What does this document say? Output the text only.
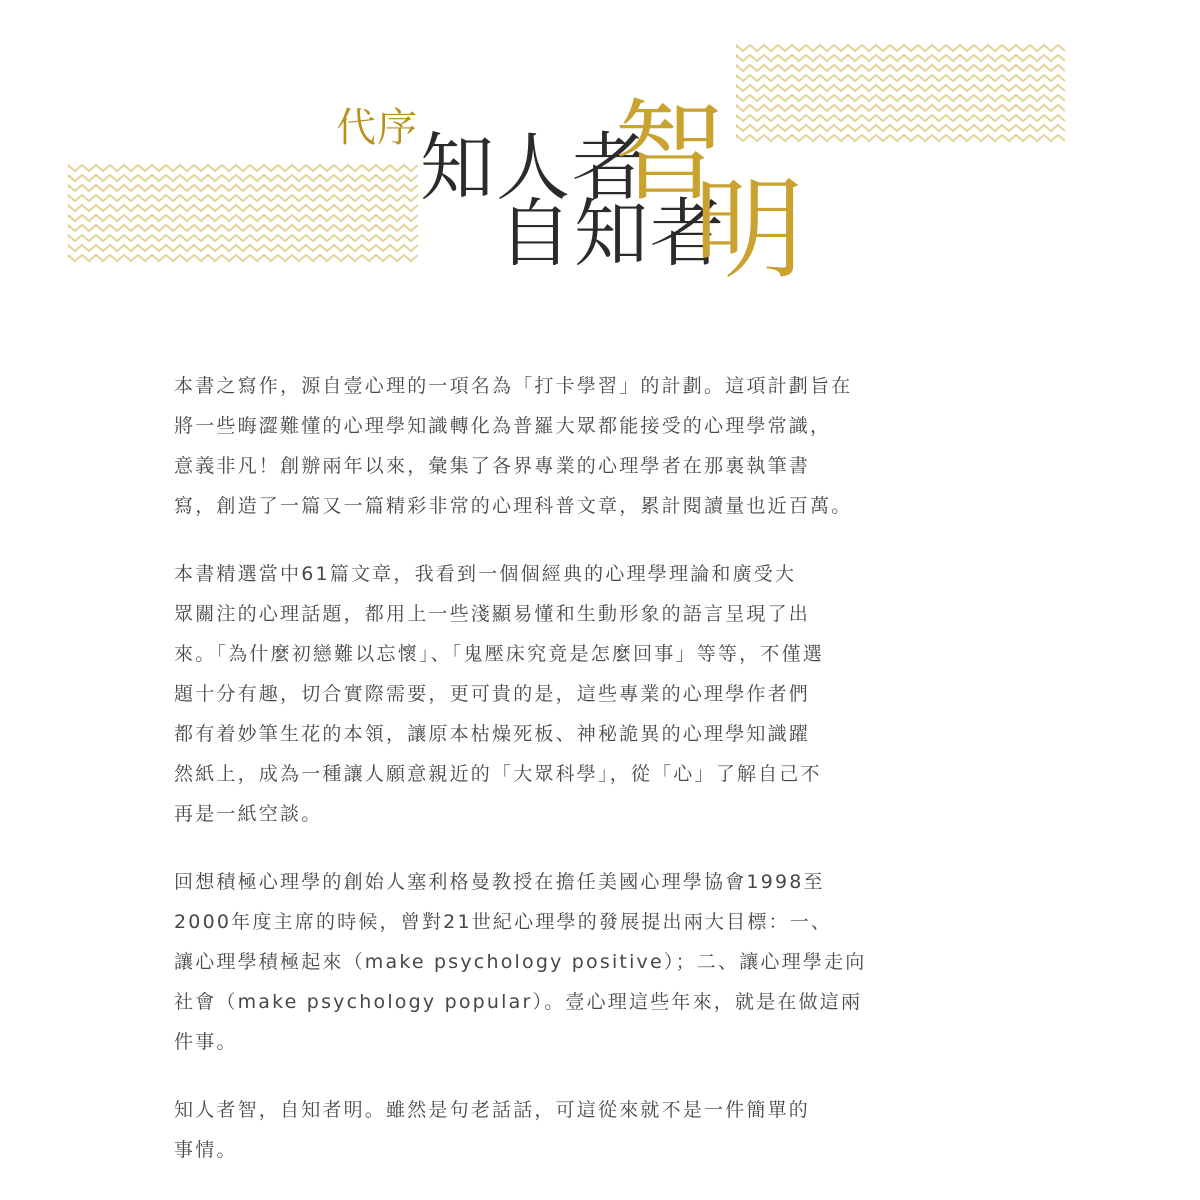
代序 知人者
智
自知者
明

本書之寫作，源自壹心理的一項名為「打卡學習」的計劃。這項計劃旨在
將一些晦澀難懂的心理學知識轉化為普羅大眾都能接受的心理學常識，
意義非凡！創辦兩年以來，彙集了各界專業的心理學者在那裏執筆書
寫，創造了一篇又一篇精彩非常的心理科普文章，累計閱讀量也近百萬。

本書精選當中61篇文章，我看到一個個經典的心理學理論和廣受大
眾關注的心理話題，都用上一些淺顯易懂和生動形象的語言呈現了出
來。「為什麼初戀難以忘懷」、「鬼壓床究竟是怎麼回事」等等，不僅選
題十分有趣，切合實際需要，更可貴的是，這些專業的心理學作者們
都有着妙筆生花的本領，讓原本枯燥死板、神秘詭異的心理學知識躍
然紙上，成為一種讓人願意親近的「大眾科學」，從「心」了解自己不
再是一紙空談。

回想積極心理學的創始人塞利格曼教授在擔任美國心理學協會1998至
2000年度主席的時候，曾對21世紀心理學的發展提出兩大目標：一、
讓心理學積極起來（make psychology positive）；二、讓心理學走向
社會（make psychology popular）。壹心理這些年來，就是在做這兩
件事。

知人者智，自知者明。雖然是句老話話，可這從來就不是一件簡單的
事情。
